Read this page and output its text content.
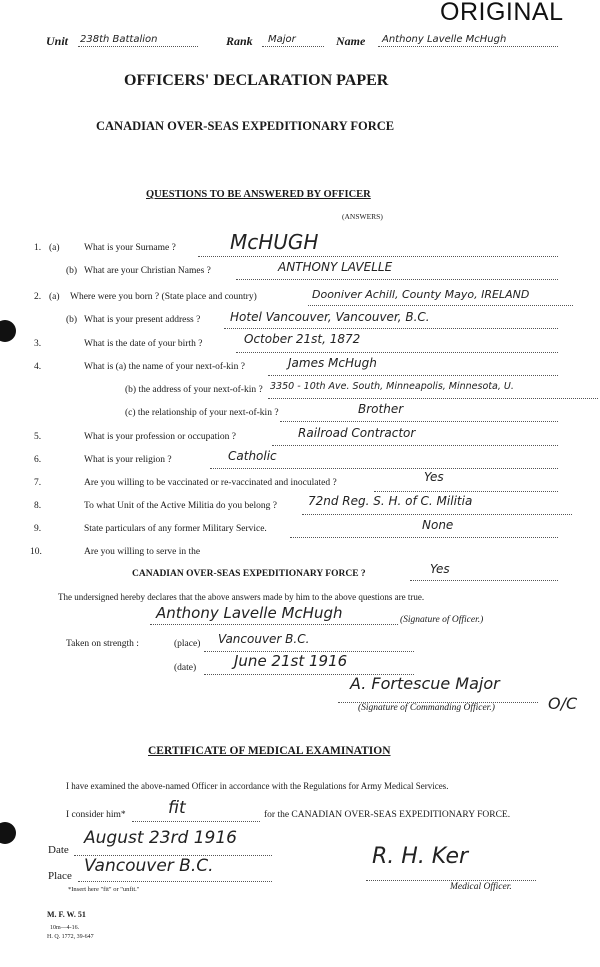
ORIGINAL
Unit 238th Battalion	Rank Major	Name Anthony Lavelle McHugh
OFFICERS' DECLARATION PAPER
CANADIAN OVER-SEAS EXPEDITIONARY FORCE
QUESTIONS TO BE ANSWERED BY OFFICER
(ANSWERS)
1. (a)	What is your Surname ?	McHUGH
(b) What are your Christian Names ?	ANTHONY LAVELLE
2. (a) Where were you born ? (State place and country)	Dooniver Achill, County Mayo, IRELAND
(b) What is your present address ? Hotel Vancouver, Vancouver, B.C.
3.	What is the date of your birth ?	October 21st, 1872
4.	What is (a) the name of your next-of-kin ?	James McHugh
(b) the address of your next-of-kin ? 3350 - 10th Ave. South, Minneapolis, Minnesota, U.
(c) the relationship of your next-of-kin ?	Brother
5.	What is your profession or occupation ?	Railroad Contractor
6.	What is your religion ?	Catholic
7.	Are you willing to be vaccinated or re-vaccinated and inoculated ?	Yes
8.	To what Unit of the Active Militia do you belong ?	72nd Reg. S. H. of C. Militia
9.	State particulars of any former Military Service.	None
10.	Are you willing to serve in the
CANADIAN OVER-SEAS EXPEDITIONARY FORCE ?	Yes
The undersigned hereby declares that the above answers made by him to the above questions are true.
Anthony Lavelle McHugh	(Signature of Officer.)
Taken on strength :	(place) Vancouver B.C.
(date)	June 21st 1916
A. Fortescue Major
O/C
(Signature of Commanding Officer.)
CERTIFICATE OF MEDICAL EXAMINATION
I have examined the above-named Officer in accordance with the Regulations for Army Medical Services.
I consider him* fit	for the CANADIAN OVER-SEAS EXPEDITIONARY FORCE.
Date
August 23rd 1916
Place Vancouver B.C.
*Insert here "fit" or "unfit."
R. H. Ker
Medical Officer.
M. F. W. 51
10m—4-16.
H. Q. 1772, 39-647
